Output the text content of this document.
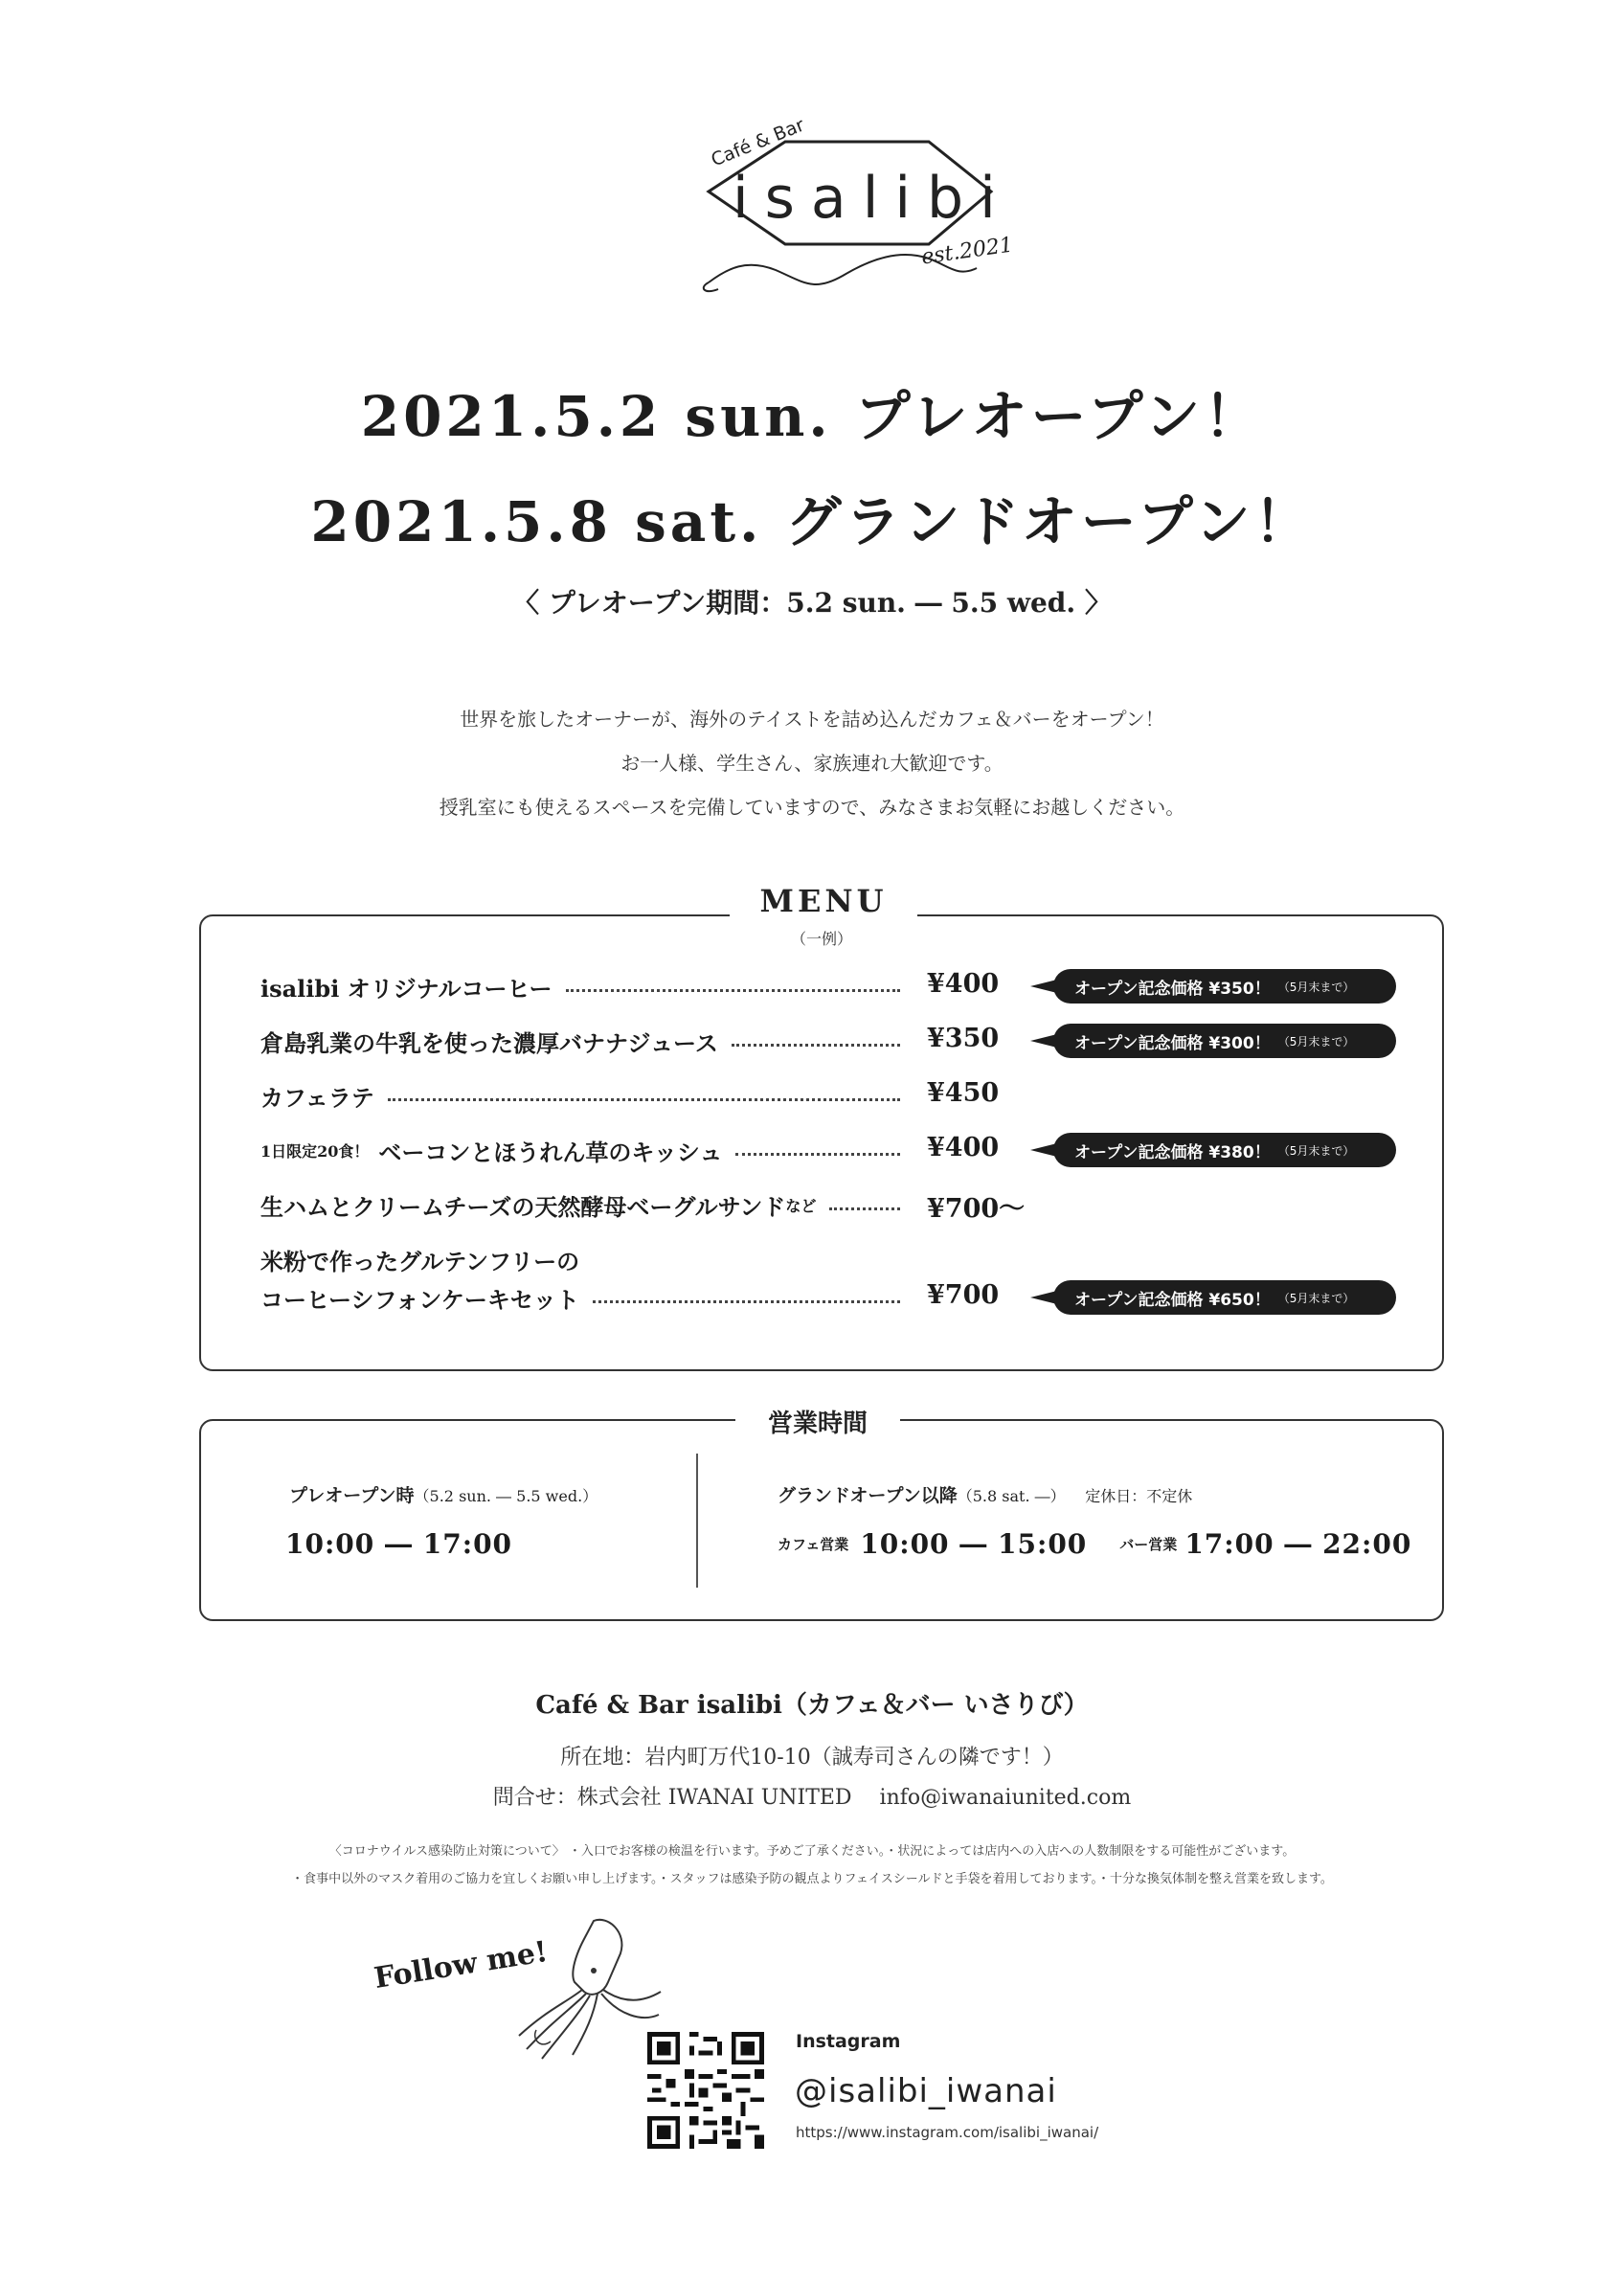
Café & Bar
isalibi
est.2021
2021.5.2 sun. プレオープン！
2021.5.8 sat. グランドオープン！
〈 プレオープン期間：5.2 sun. ― 5.5 wed. 〉
世界を旅したオーナーが、海外のテイストを詰め込んだカフェ＆バーをオープン！
お一人様、学生さん、家族連れ大歓迎です。
授乳室にも使えるスペースを完備していますので、みなさまお気軽にお越しください。
MENU
（一例）
isalibi オリジナルコーヒー	¥400	オープン記念価格 ¥350！ （5月末まで）
倉島乳業の牛乳を使った濃厚バナナジュース	¥350	オープン記念価格 ¥300！ （5月末まで）
カフェラテ	¥450
1日限定20食！ ベーコンとほうれん草のキッシュ	¥400	オープン記念価格 ¥380！ （5月末まで）
生ハムとクリームチーズの天然酵母ベーグルサンド など	¥700～
米粉で作ったグルテンフリーの
コーヒーシフォンケーキセット	¥700	オープン記念価格 ¥650！ （5月末まで）
営業時間
プレオープン時（5.2 sun. ― 5.5 wed.）
10:00 ― 17:00
グランドオープン以降（5.8 sat. ―） 定休日：不定休
カフェ営業 10:00 ― 15:00 バー営業 17:00 ― 22:00
Café & Bar isalibi（カフェ＆バー いさりび）
所在地：岩内町万代10-10（誠寿司さんの隣です！）
問合せ：株式会社 IWANAI UNITED　 info@iwanaiunited.com
〈コロナウイルス感染防止対策について〉 ・入口でお客様の検温を行います。予めご了承ください。・状況によっては店内への入店への人数制限をする可能性がございます。
・食事中以外のマスク着用のご協力を宜しくお願い申し上げます。・スタッフは感染予防の観点よりフェイスシールドと手袋を着用しております。・十分な換気体制を整え営業を致します。
Follow me!
Instagram
@isalibi_iwanai
https://www.instagram.com/isalibi_iwanai/
